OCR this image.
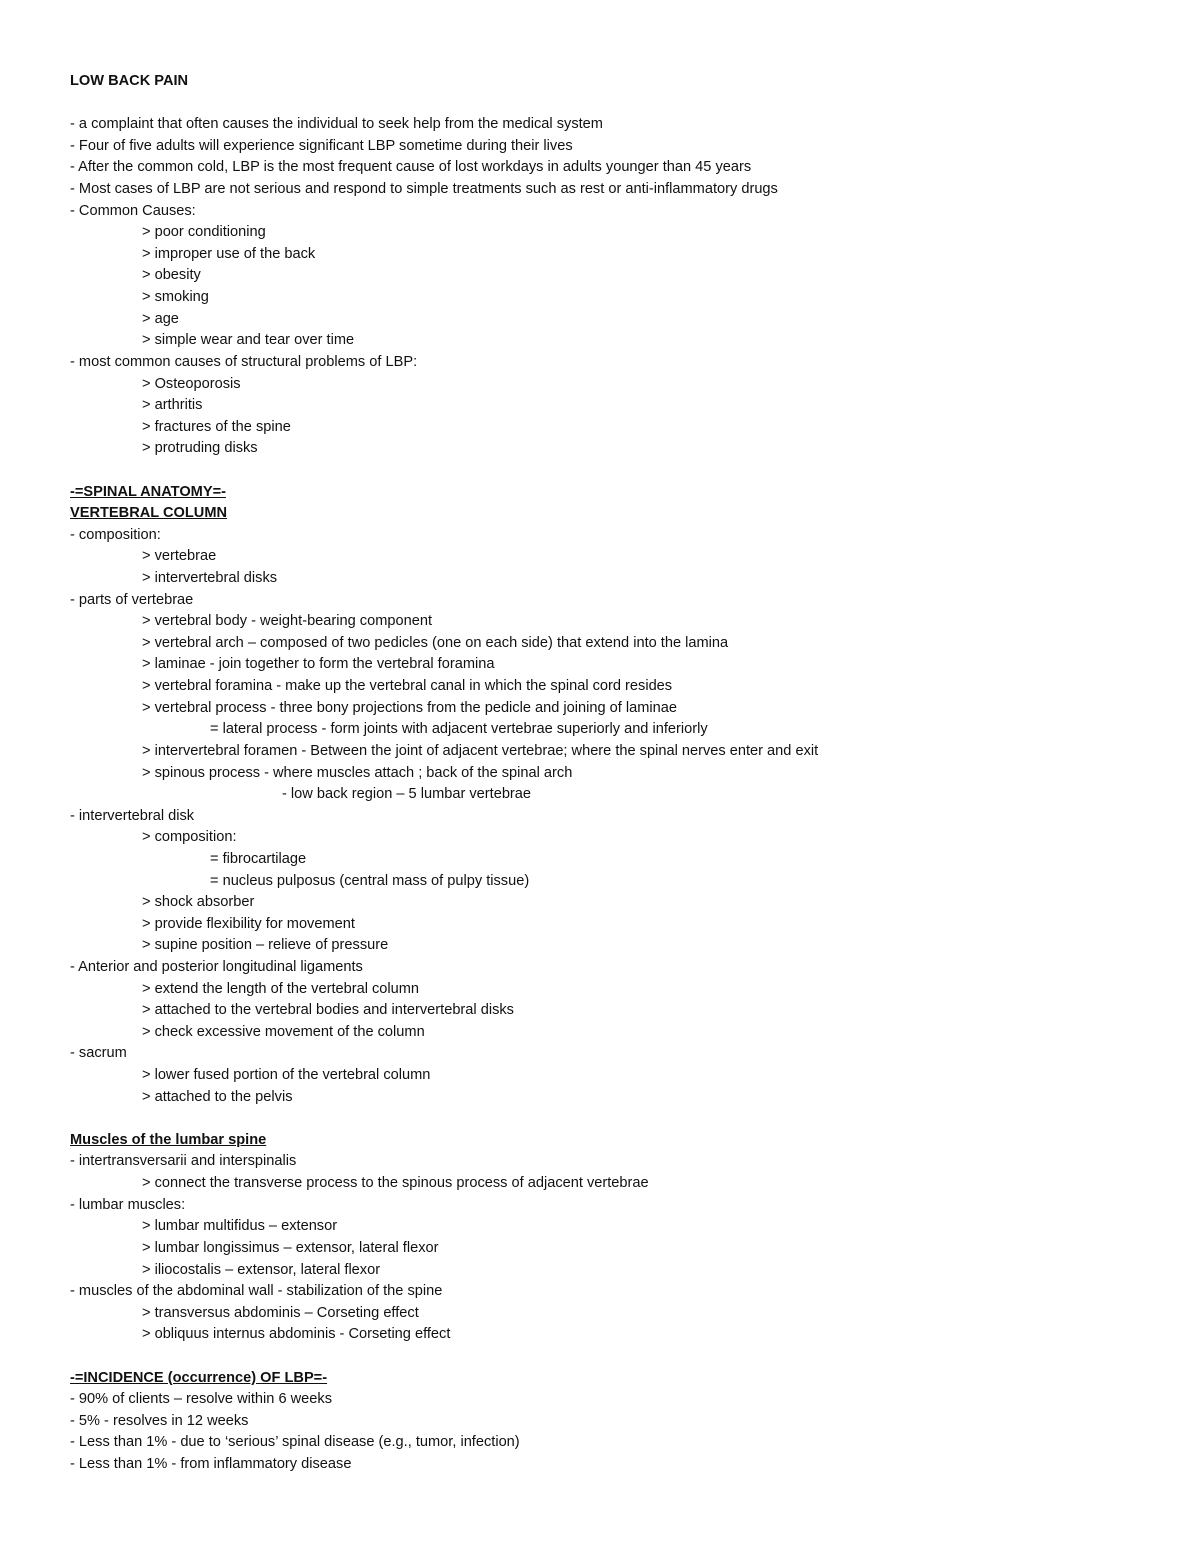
LOW BACK PAIN
- a complaint that often causes the individual to seek help from the medical system
- Four of five adults will experience significant LBP sometime during their lives
- After the common cold, LBP is the most frequent cause of lost workdays in adults younger than 45 years
- Most cases of LBP are not serious and respond to simple treatments such as rest or anti-inflammatory drugs
- Common Causes:
> poor conditioning
> improper use of the back
> obesity
> smoking
> age
> simple wear and tear over time
- most common causes of structural problems of LBP:
> Osteoporosis
> arthritis
> fractures of the spine
> protruding disks
-=SPINAL ANATOMY=-
VERTEBRAL COLUMN
- composition:
> vertebrae
> intervertebral disks
- parts of vertebrae
> vertebral body - weight-bearing component
> vertebral arch – composed of two pedicles (one on each side) that extend into the lamina
> laminae - join together to form the vertebral foramina
> vertebral foramina - make up the vertebral canal in which the spinal cord resides
> vertebral process - three bony projections from the pedicle and joining of laminae
= lateral process - form joints with adjacent vertebrae superiorly and inferiorly
> intervertebral foramen - Between the joint of adjacent vertebrae; where the spinal nerves enter and exit
> spinous process - where muscles attach ; back of the spinal arch
- low back region – 5 lumbar vertebrae
- intervertebral disk
> composition:
= fibrocartilage
= nucleus pulposus (central mass of pulpy tissue)
> shock absorber
> provide flexibility for movement
> supine position – relieve of pressure
- Anterior and posterior longitudinal ligaments
> extend the length of the vertebral column
> attached to the vertebral bodies and intervertebral disks
> check excessive movement of the column
- sacrum
> lower fused portion of the vertebral column
> attached to the pelvis
Muscles of the lumbar spine
- intertransversarii and interspinalis
> connect the transverse process to the spinous process of adjacent vertebrae
- lumbar muscles:
> lumbar multifidus – extensor
> lumbar longissimus – extensor, lateral flexor
> iliocostalis – extensor, lateral flexor
- muscles of the abdominal wall - stabilization of the spine
> transversus abdominis – Corseting effect
> obliquus internus abdominis - Corseting effect
-=INCIDENCE (occurrence) OF LBP=-
- 90% of clients – resolve within 6 weeks
- 5% - resolves in 12 weeks
- Less than 1% - due to ‘serious’ spinal disease (e.g., tumor, infection)
- Less than 1% - from inflammatory disease
